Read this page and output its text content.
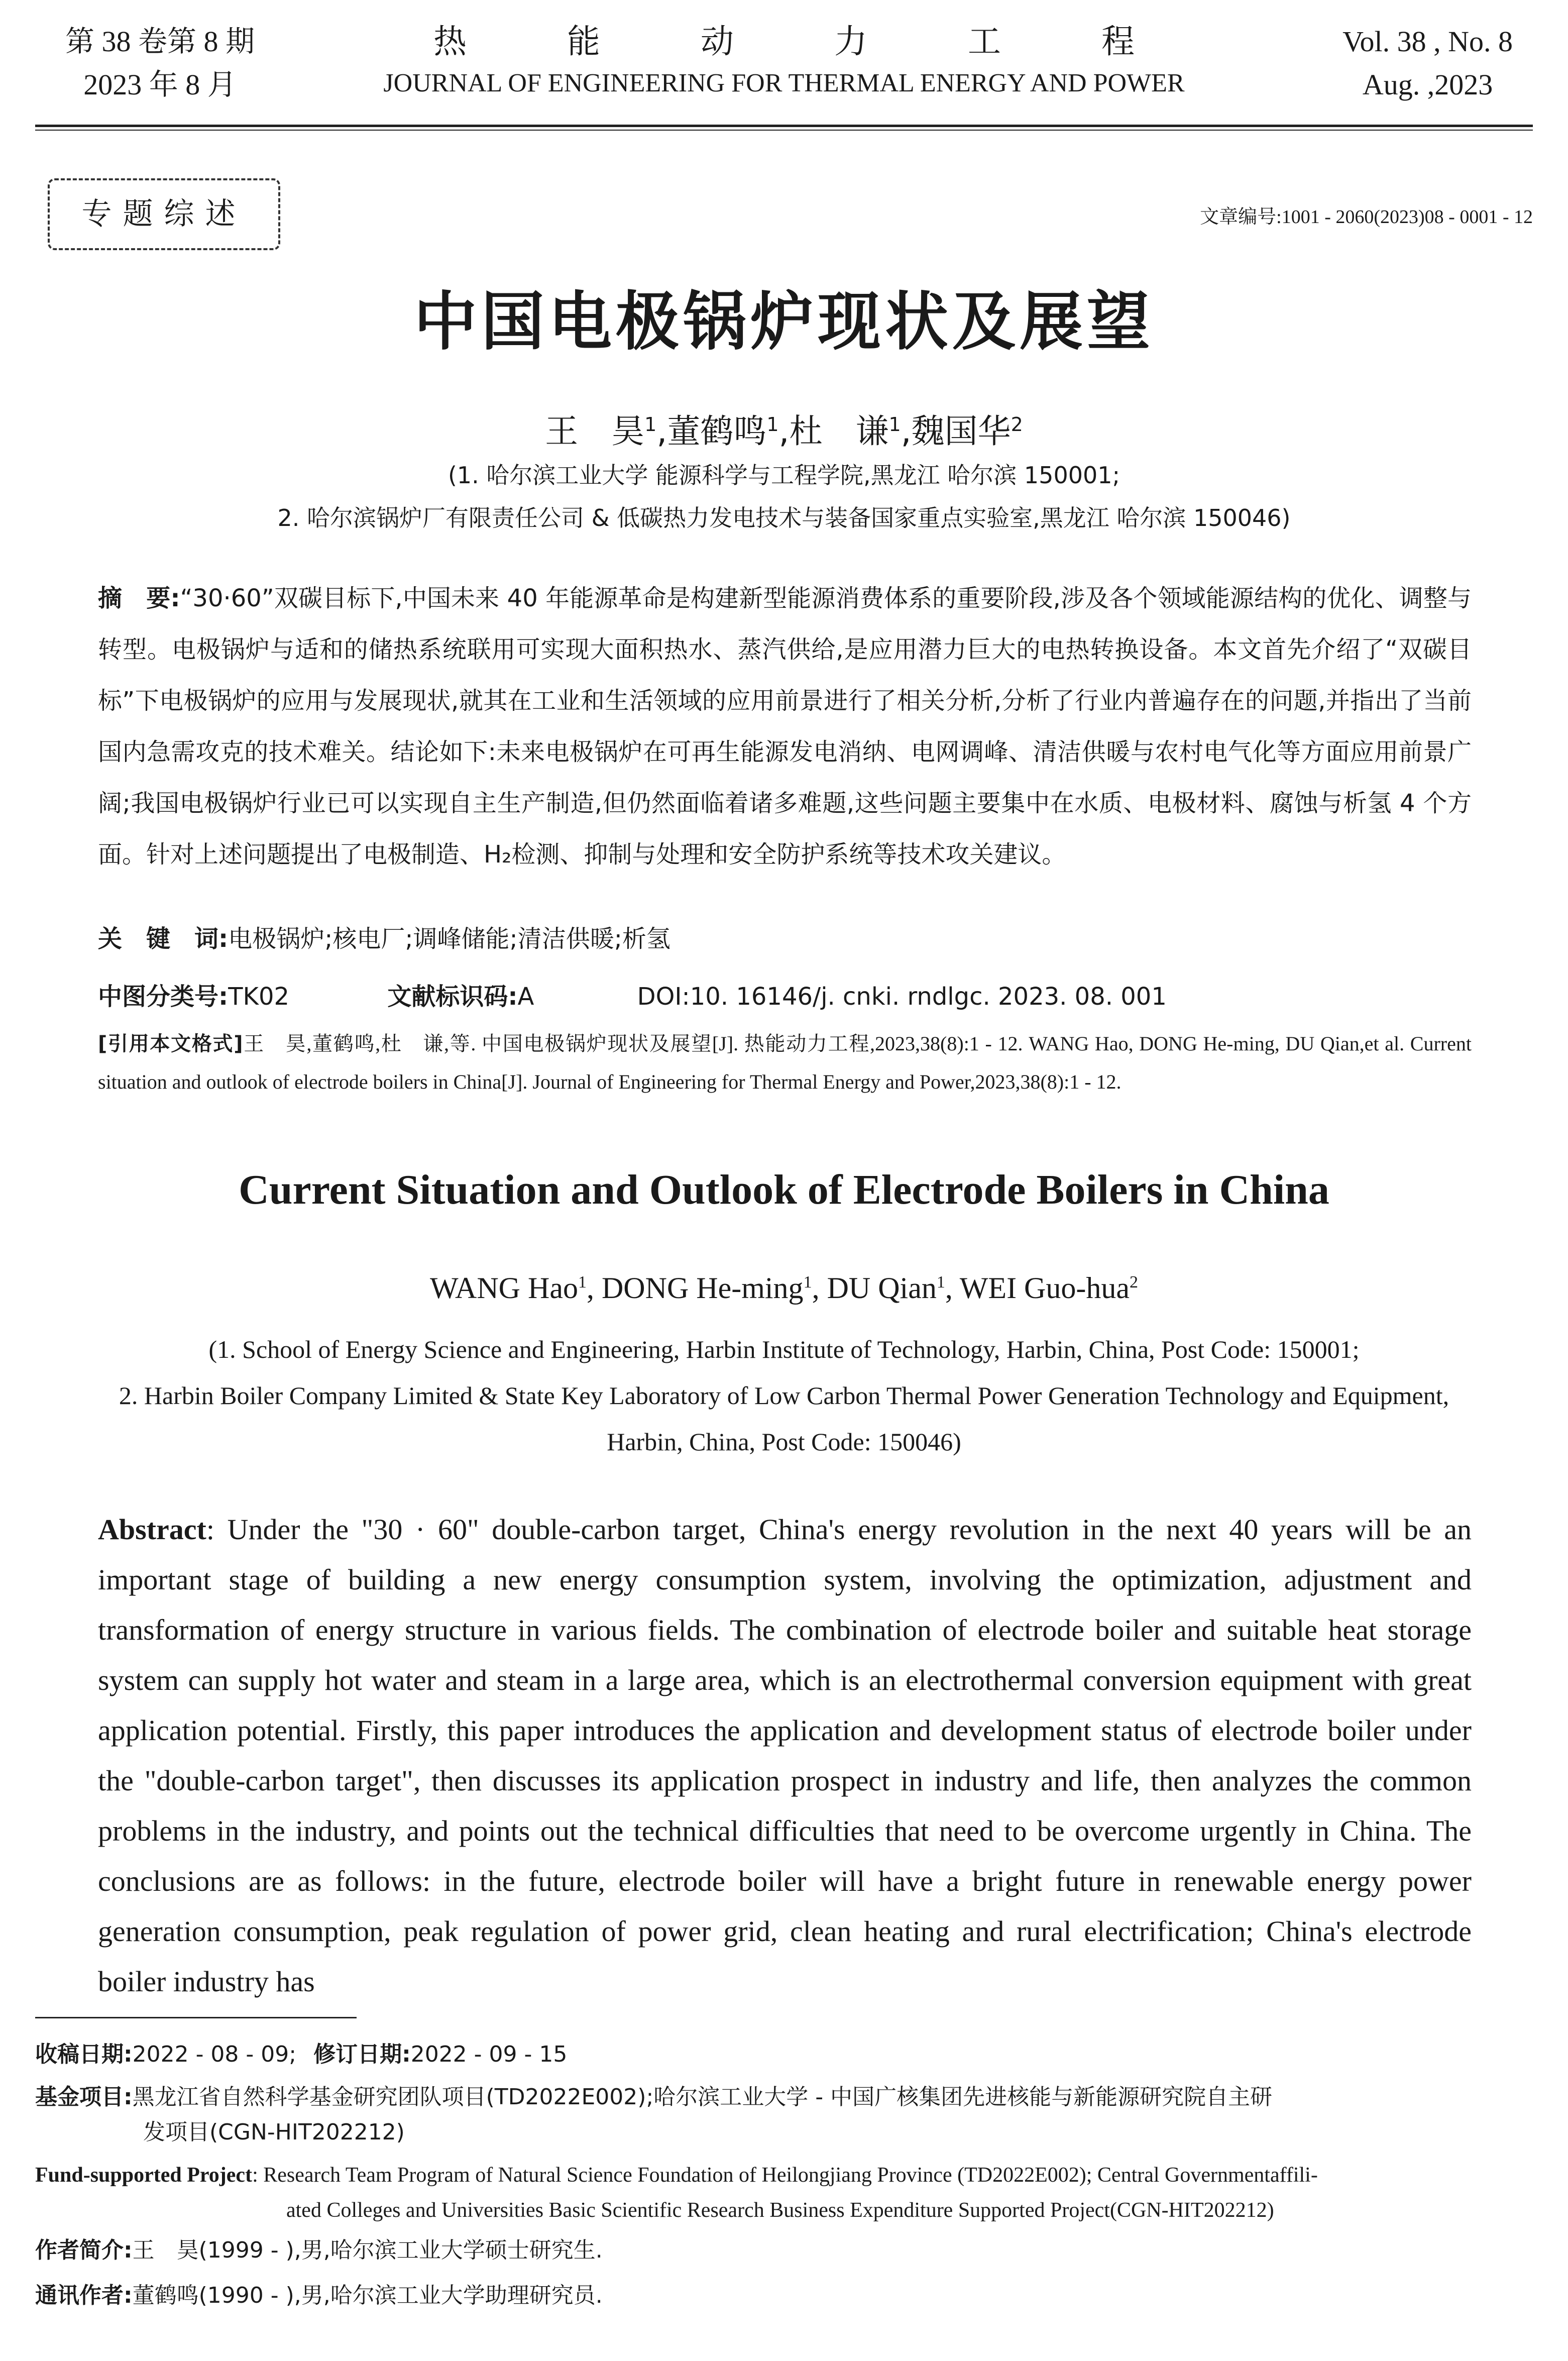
第 38 卷第 8 期
2023 年 8 月
热能动力工程
JOURNAL OF ENGINEERING FOR THERMAL ENERGY AND POWER
Vol. 38 , No. 8
Aug. ,2023
专题综述	文章编号:1001 - 2060(2023)08 - 0001 - 12
中国电极锅炉现状及展望
王　昊$^1$,董鹤鸣$^1$,杜　谦$^1$,魏国华$^2$
(1. 哈尔滨工业大学 能源科学与工程学院,黑龙江 哈尔滨 150001;
2. 哈尔滨锅炉厂有限责任公司 & 低碳热力发电技术与装备国家重点实验室,黑龙江 哈尔滨 150046)
摘　要:“30·60”双碳目标下,中国未来 40 年能源革命是构建新型能源消费体系的重要阶段,涉及各个领域能源结构的优化、调整与转型。电极锅炉与适和的储热系统联用可实现大面积热水、蒸汽供给,是应用潜力巨大的电热转换设备。本文首先介绍了“双碳目标”下电极锅炉的应用与发展现状,就其在工业和生活领域的应用前景进行了相关分析,分析了行业内普遍存在的问题,并指出了当前国内急需攻克的技术难关。结论如下:未来电极锅炉在可再生能源发电消纳、电网调峰、清洁供暖与农村电气化等方面应用前景广阔;我国电极锅炉行业已可以实现自主生产制造,但仍然面临着诸多难题,这些问题主要集中在水质、电极材料、腐蚀与析氢 4 个方面。针对上述问题提出了电极制造、H₂检测、抑制与处理和安全防护系统等技术攻关建议。
关　键　词:电极锅炉;核电厂;调峰储能;清洁供暖;析氢
中图分类号:TK02	文献标识码:A	DOI:10. 16146/j. cnki. rndlgc. 2023. 08. 001
[引用本文格式]王　昊,董鹤鸣,杜　谦,等. 中国电极锅炉现状及展望[J]. 热能动力工程,2023,38(8):1 - 12. WANG Hao, DONG He-ming, DU Qian,et al. Current situation and outlook of electrode boilers in China[J]. Journal of Engineering for Thermal Energy and Power,2023,38(8):1 - 12.
Current Situation and Outlook of Electrode Boilers in China
WANG Hao$^1$, DONG He-ming$^1$, DU Qian$^1$, WEI Guo-hua$^2$
(1. School of Energy Science and Engineering, Harbin Institute of Technology, Harbin, China, Post Code: 150001;
2. Harbin Boiler Company Limited & State Key Laboratory of Low Carbon Thermal Power Generation Technology and Equipment,
Harbin, China, Post Code: 150046)
Abstract: Under the "30 · 60" double-carbon target, China's energy revolution in the next 40 years will be an important stage of building a new energy consumption system, involving the optimization, adjustment and transformation of energy structure in various fields. The combination of electrode boiler and suitable heat storage system can supply hot water and steam in a large area, which is an electrothermal conversion equipment with great application potential. Firstly, this paper introduces the application and development status of electrode boiler under the "double-carbon target", then discusses its application prospect in industry and life, then analyzes the common problems in the industry, and points out the technical difficulties that need to be overcome urgently in China. The conclusions are as follows: in the future, electrode boiler will have a bright future in renewable energy power generation consumption, peak regulation of power grid, clean heating and rural electrification; China's electrode boiler industry has
收稿日期:2022 - 08 - 09; 修订日期:2022 - 09 - 15
基金项目:黑龙江省自然科学基金研究团队项目(TD2022E002);哈尔滨工业大学 - 中国广核集团先进核能与新能源研究院自主研
发项目(CGN-HIT202212)
Fund-supported Project: Research Team Program of Natural Science Foundation of Heilongjiang Province (TD2022E002); Central Governmentaffili-
ated Colleges and Universities Basic Scientific Research Business Expenditure Supported Project(CGN-HIT202212)
作者简介:王　昊(1999 - ),男,哈尔滨工业大学硕士研究生.
通讯作者:董鹤鸣(1990 - ),男,哈尔滨工业大学助理研究员.
